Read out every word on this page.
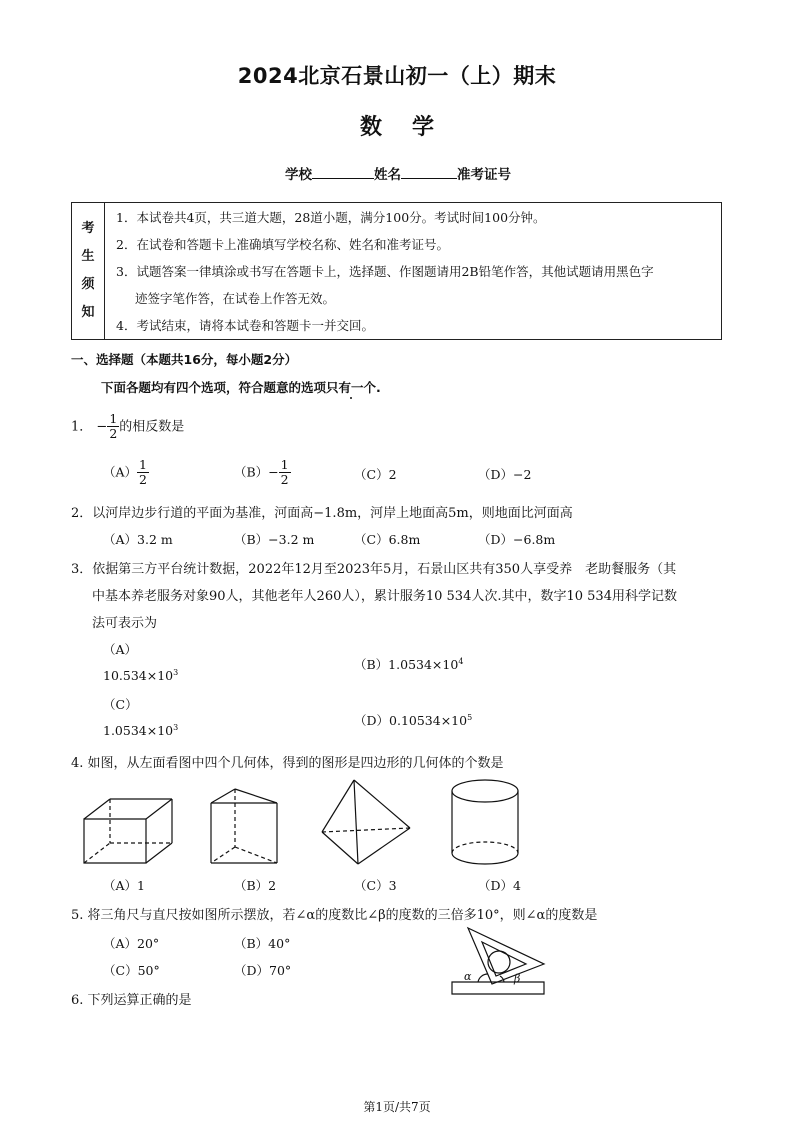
2024北京石景山初一（上）期末
数学
学校	姓名	准考证号
考
生
须
知
1．本试卷共4页，共三道大题，28道小题，满分100分。考试时间100分钟。
2．在试卷和答题卡上准确填写学校名称、姓名和准考证号。
3．试题答案一律填涂或书写在答题卡上，选择题、作图题请用2B铅笔作答，其他试题请用黑色字
迹签字笔作答，在试卷上作答无效。
4．考试结束，请将本试卷和答题卡一并交回。
一、选择题（本题共16分，每小题2分）
下面各题均有四个选项，符合题意的选项只有一个.
1． − $\frac{1}{2}$ 的相反数是
$(A) \frac{1}{2}$	$(B)- \frac{1}{2}$	（C）2	（D）−2
2．以河岸边步行道的平面为基准，河面高−1.8m，河岸上地面高5m，则地面比河面高
（A）3.2 m	（B）−3.2 m	（C）6.8m	（D）−6.8m
3．依据第三方平台统计数据，2022年12月至2023年5月，石景山区共有350人享受养　老助餐服务（其
中基本养老服务对象90人，其他老年人260人），累计服务10 534人次.其中，数字10 534用科学记数
法可表示为
（A）
$10.534\times 10^3$
$(B)1.0534\times 10^4$
（C）
$1.0534\times 10^3$	$(D)0.10534\times 10^5$
4. 如图，从左面看图中四个几何体，得到的图形是四边形的几何体的个数是
（A）1	（B）2	（C）3	（D）4
5. 将三角尺与直尺按如图所示摆放，若∠α的度数比∠β的度数的三倍多10°，则∠α的度数是
（A）20°	（B）40°
（C）50°	（D）70°	α	β
6. 下列运算正确的是
第1页/共7页
